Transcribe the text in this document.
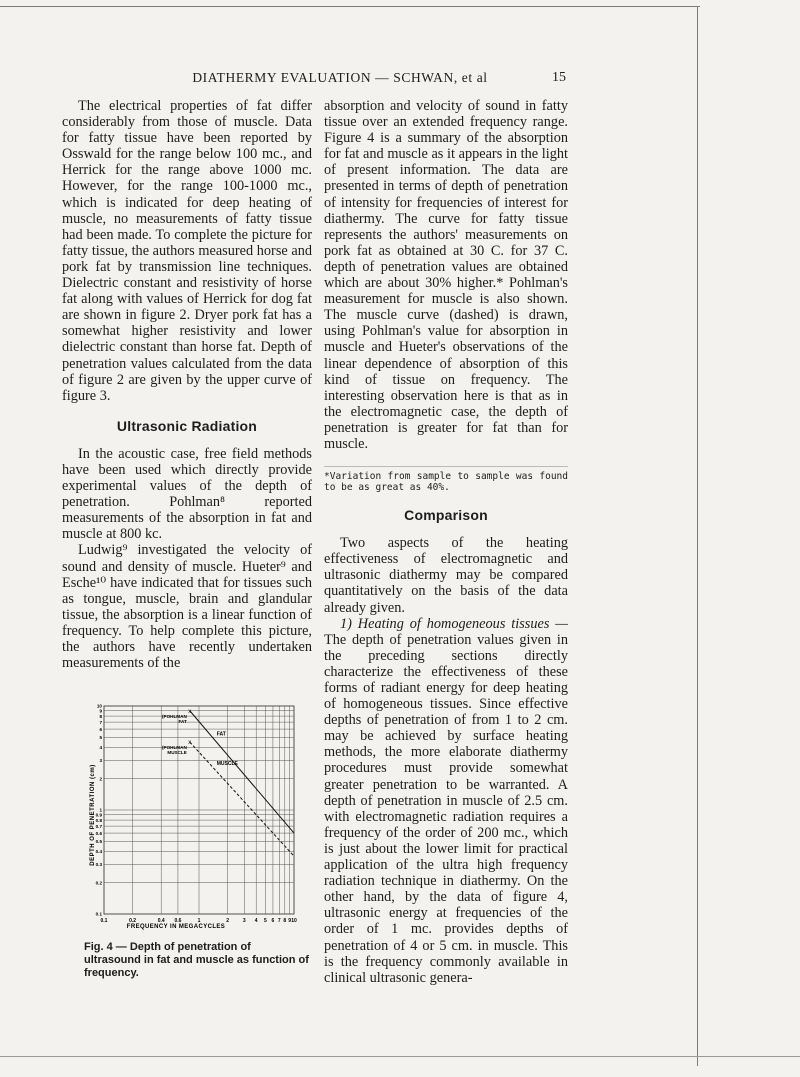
DIATHERMY EVALUATION — SCHWAN, et al	15

The electrical properties of fat differ considerably from those of muscle. Data for fatty tissue have been reported by Osswald for the range below 100 mc., and Herrick for the range above 1000 mc. However, for the range 100-1000 mc., which is indicated for deep heating of muscle, no measurements of fatty tissue had been made. To complete the picture for fatty tissue, the authors measured horse and pork fat by transmission line techniques. Dielectric constant and resistivity of horse fat along with values of Herrick for dog fat are shown in figure 2. Dryer pork fat has a somewhat higher resistivity and lower dielectric constant than horse fat. Depth of penetration values calculated from the data of figure 2 are given by the upper curve of figure 3.

Ultrasonic Radiation

In the acoustic case, free field methods have been used which directly provide experimental values of the depth of penetration. Pohlman⁸ reported measurements of the absorption in fat and muscle at 800 kc.

Ludwig⁹ investigated the velocity of sound and density of muscle. Hueter⁹ and Esche¹⁰ have indicated that for tissues such as tongue, muscle, brain and glandular tissue, the absorption is a linear function of frequency. To help complete this picture, the authors have recently undertaken measurements of the

absorption and velocity of sound in fatty tissue over an extended frequency range. Figure 4 is a summary of the absorption for fat and muscle as it appears in the light of present information. The data are presented in terms of depth of penetration of intensity for frequencies of interest for diathermy. The curve for fatty tissue represents the authors' measurements on pork fat as obtained at 30 C. for 37 C. depth of penetration values are obtained which are about 30% higher.* Pohlman's measurement for muscle is also shown. The muscle curve (dashed) is drawn, using Pohlman's value for absorption in muscle and Hueter's observations of the linear dependence of absorption of this kind of tissue on frequency. The interesting observation here is that as in the electromagnetic case, the depth of penetration is greater for fat than for muscle.

*Variation from sample to sample was found to be as great as 40%.
Comparison

Two aspects of the heating effectiveness of electromagnetic and ultrasonic diathermy may be compared quantitatively on the basis of the data already given.

1) Heating of homogeneous tissues — The depth of penetration values given in the preceding sections directly characterize the effectiveness of these forms of radiant energy for deep heating of homogeneous tissues. Since effective depths of penetration of from 1 to 2 cm. may be achieved by surface heating methods, the more elaborate diathermy procedures must provide somewhat greater penetration to be warranted. A depth of penetration in muscle of 2.5 cm. with electromagnetic radiation requires a frequency of the order of 200 mc., which is just about the lower limit for practical application of the ultra high frequency radiation technique in diathermy. On the other hand, by the data of figure 4, ultrasonic energy at frequencies of the order of 1 mc. provides depths of penetration of 4 or 5 cm. in muscle. This is the frequency commonly available in clinical ultrasonic genera-

0.1	0.2	0.4 0.6	1	2	3 4 5 6 7 8 9 10
0.1
0.2
0.3
0.4
0.5
0.6
0.7
0.8
0.9
1
2
3
4
5
6
7
8
9
10
FAT
MUSCLE
x
(POHLMAN
FAT
x
(POHLMAN
MUSCLE
FREQUENCY IN MEGACYCLES
DEPTH OF PENETRATION (cm)
Fig. 4 — Depth of penetration of ultrasound in fat and muscle as function of frequency.
